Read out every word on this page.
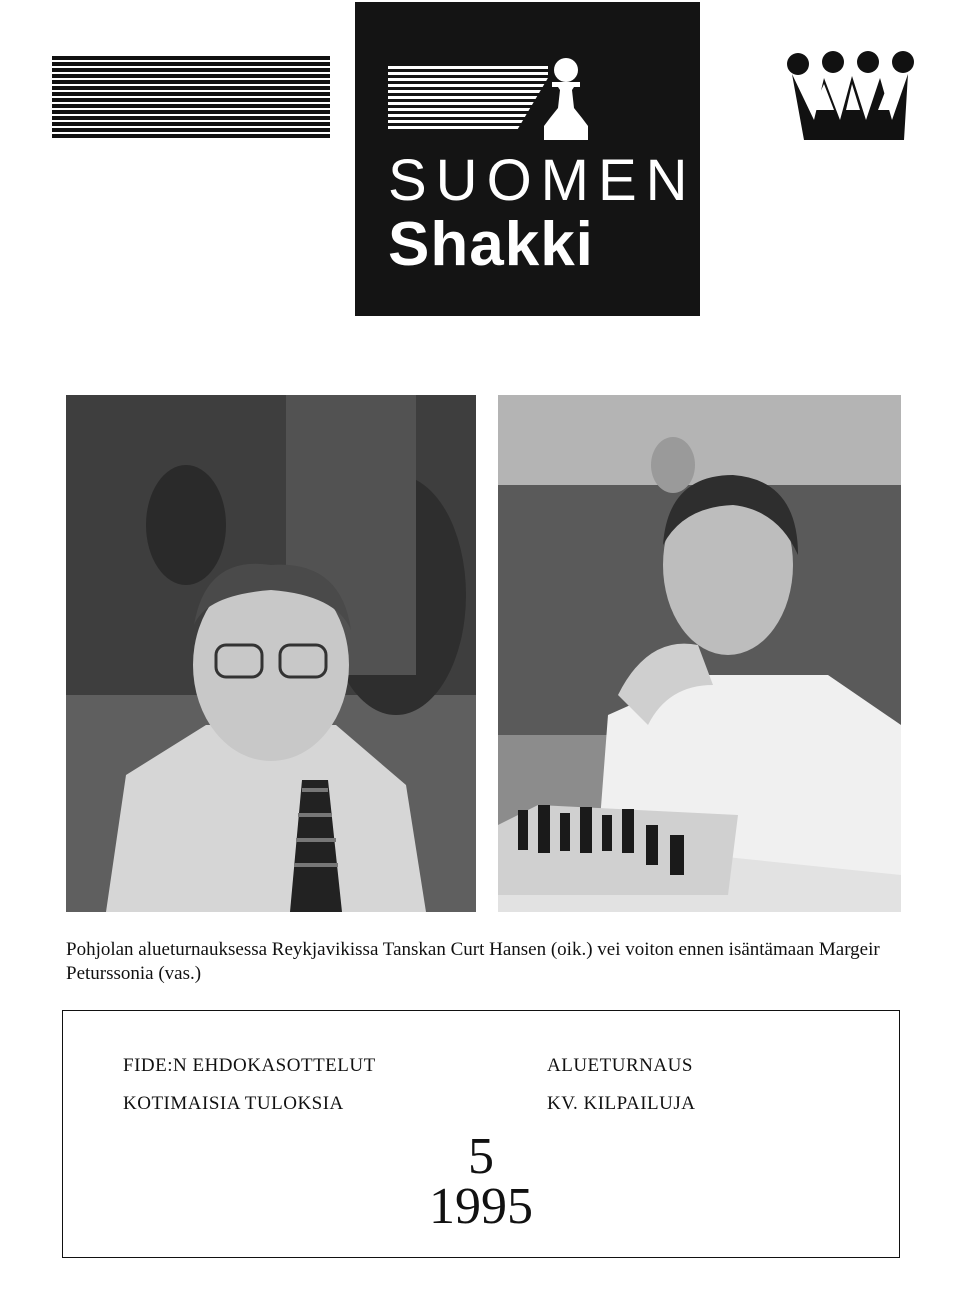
SUOMEN
Shakki
Pohjolan alueturnauksessa Reykjavikissa Tanskan Curt Hansen (oik.) vei voiton ennen isäntämaan Margeir Peturssonia (vas.)
FIDE:N EHDOKASOTTELUT
KOTIMAISIA TULOKSIA
ALUETURNAUS
KV. KILPAILUJA
5
1995
